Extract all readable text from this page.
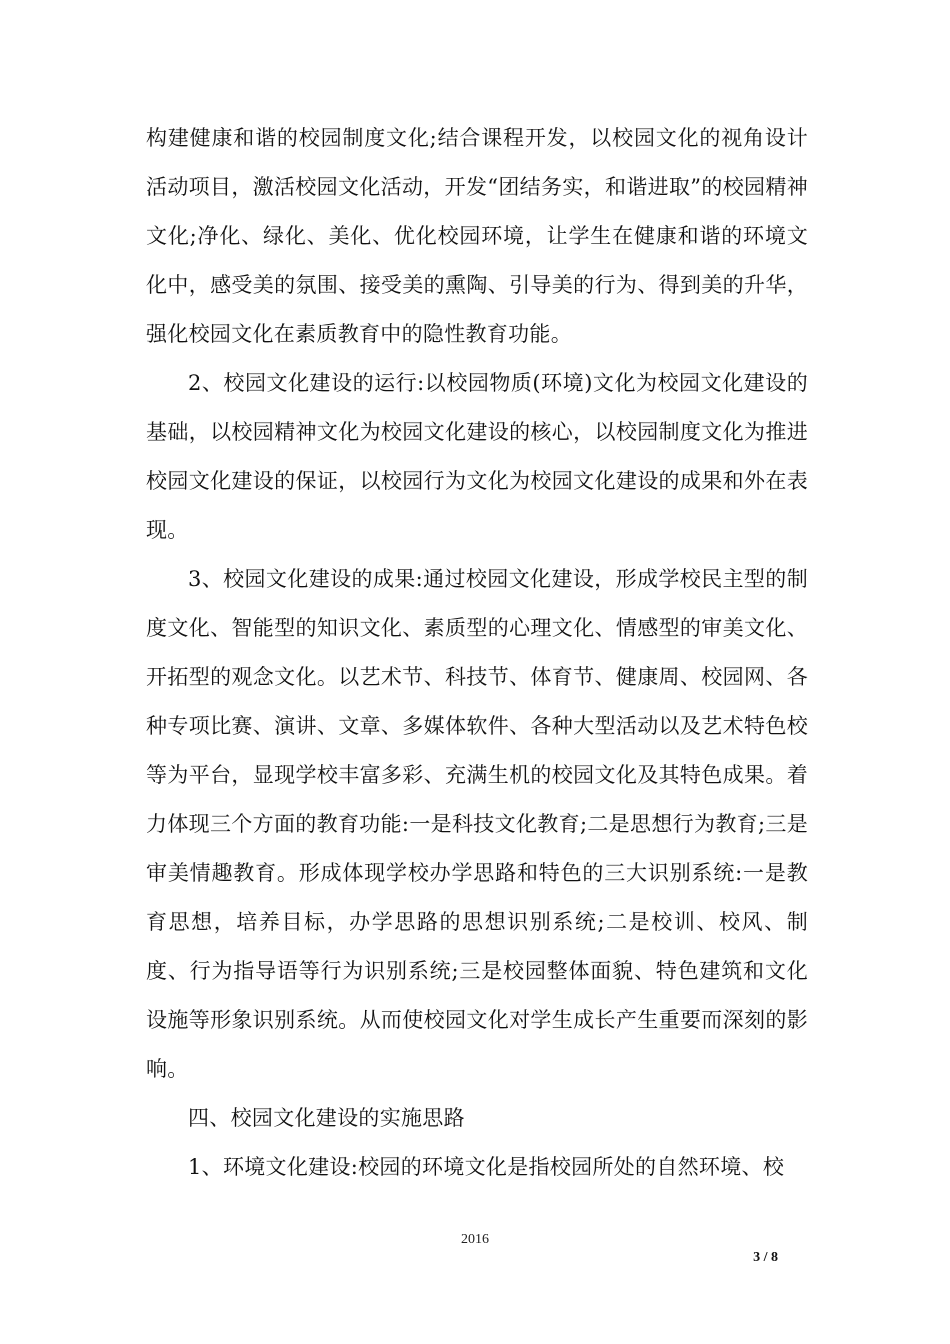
构建健康和谐的校园制度文化;结合课程开发，以校园文化的视角设计活动项目，激活校园文化活动，开发“团结务实，和谐进取”的校园精神文化;净化、绿化、美化、优化校园环境，让学生在健康和谐的环境文化中，感受美的氛围、接受美的熏陶、引导美的行为、得到美的升华，强化校园文化在素质教育中的隐性教育功能。

2、校园文化建设的运行:以校园物质(环境)文化为校园文化建设的基础，以校园精神文化为校园文化建设的核心，以校园制度文化为推进校园文化建设的保证，以校园行为文化为校园文化建设的成果和外在表现。

3、校园文化建设的成果:通过校园文化建设，形成学校民主型的制度文化、智能型的知识文化、素质型的心理文化、情感型的审美文化、开拓型的观念文化。以艺术节、科技节、体育节、健康周、校园网、各种专项比赛、演讲、文章、多媒体软件、各种大型活动以及艺术特色校等为平台，显现学校丰富多彩、充满生机的校园文化及其特色成果。着力体现三个方面的教育功能:一是科技文化教育;二是思想行为教育;三是审美情趣教育。形成体现学校办学思路和特色的三大识别系统:一是教育思想，培养目标，办学思路的思想识别系统;二是校训、校风、制度、行为指导语等行为识别系统;三是校园整体面貌、特色建筑和文化设施等形象识别系统。从而使校园文化对学生成长产生重要而深刻的影响。

四、校园文化建设的实施思路

1、环境文化建设:校园的环境文化是指校园所处的自然环境、校

2016
3 / 8
